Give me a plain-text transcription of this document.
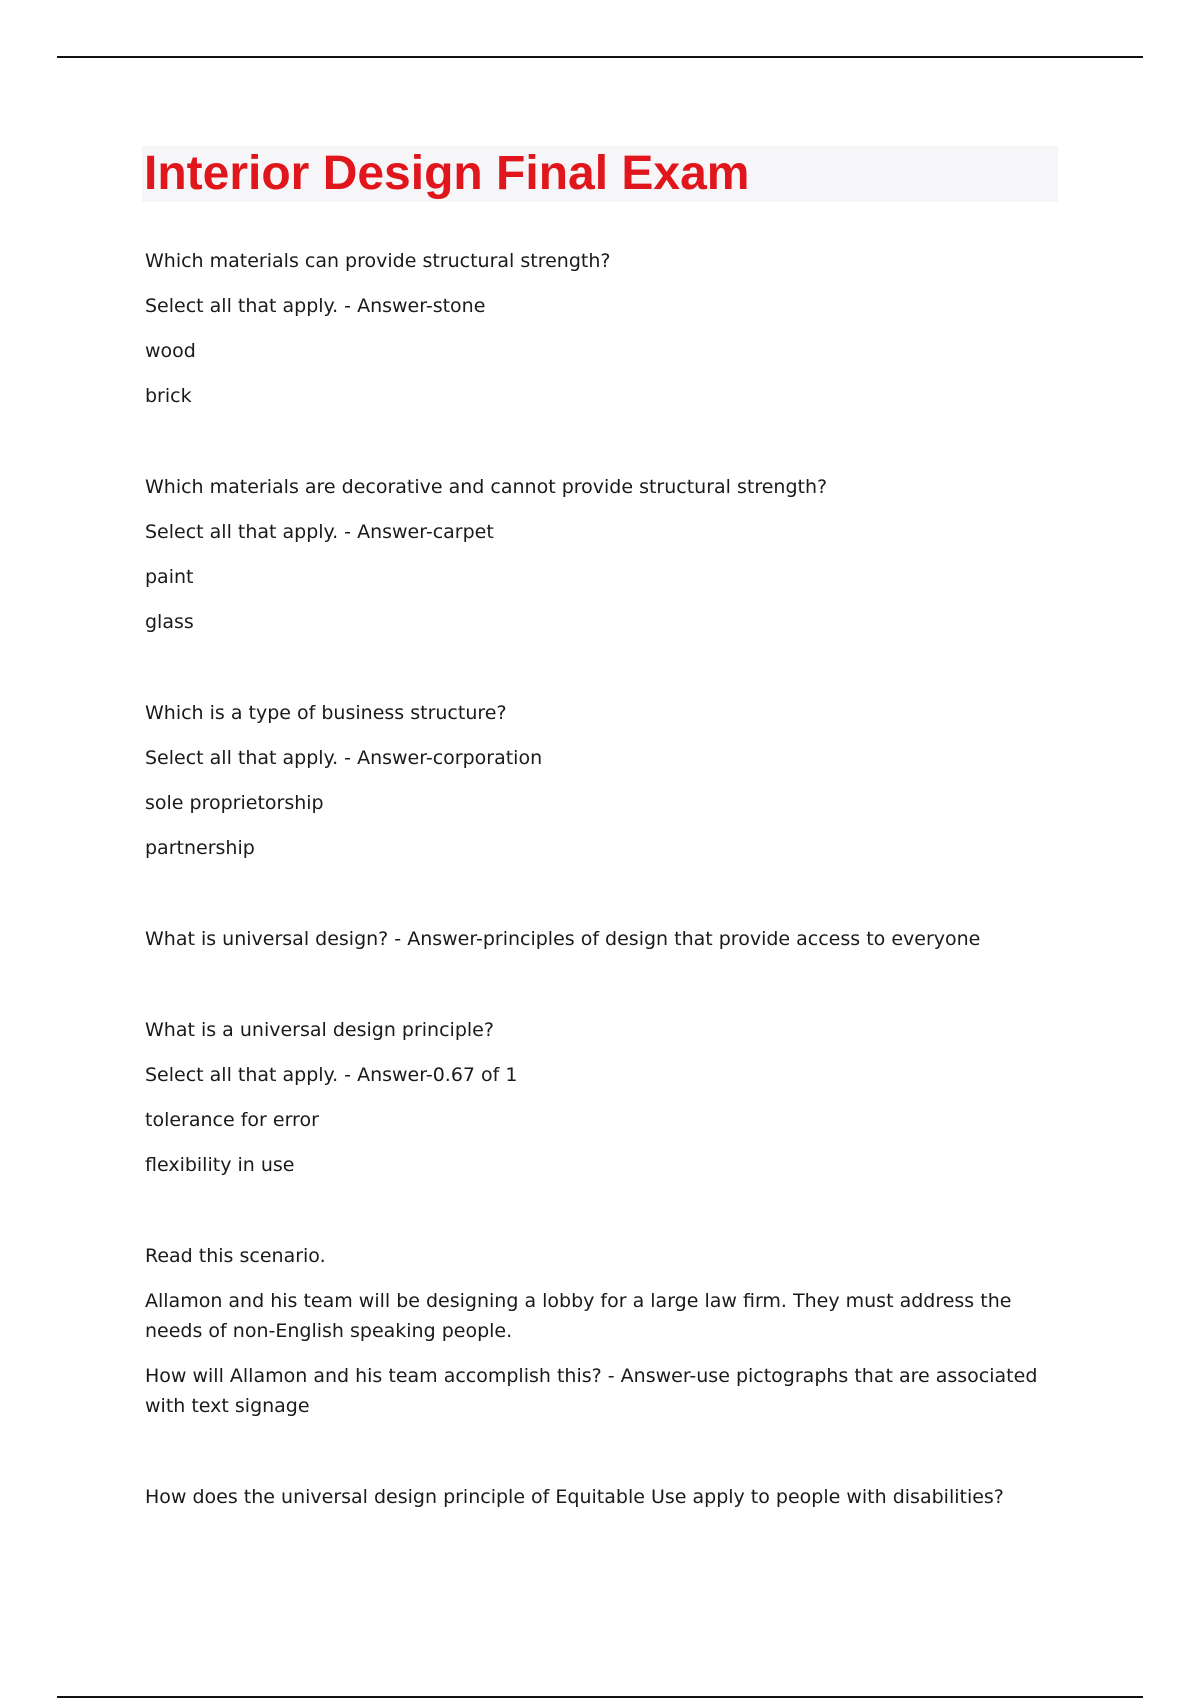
Interior Design Final Exam

Which materials can provide structural strength?

Select all that apply. - Answer-stone

wood

brick

Which materials are decorative and cannot provide structural strength?

Select all that apply. - Answer-carpet

paint

glass

Which is a type of business structure?

Select all that apply. - Answer-corporation

sole proprietorship

partnership

What is universal design? - Answer-principles of design that provide access to everyone

What is a universal design principle?

Select all that apply. - Answer-0.67 of 1

tolerance for error

flexibility in use

Read this scenario.

Allamon and his team will be designing a lobby for a large law firm. They must address the needs of non-English speaking people.

How will Allamon and his team accomplish this? - Answer-use pictographs that are associated with text signage

How does the universal design principle of Equitable Use apply to people with disabilities?
